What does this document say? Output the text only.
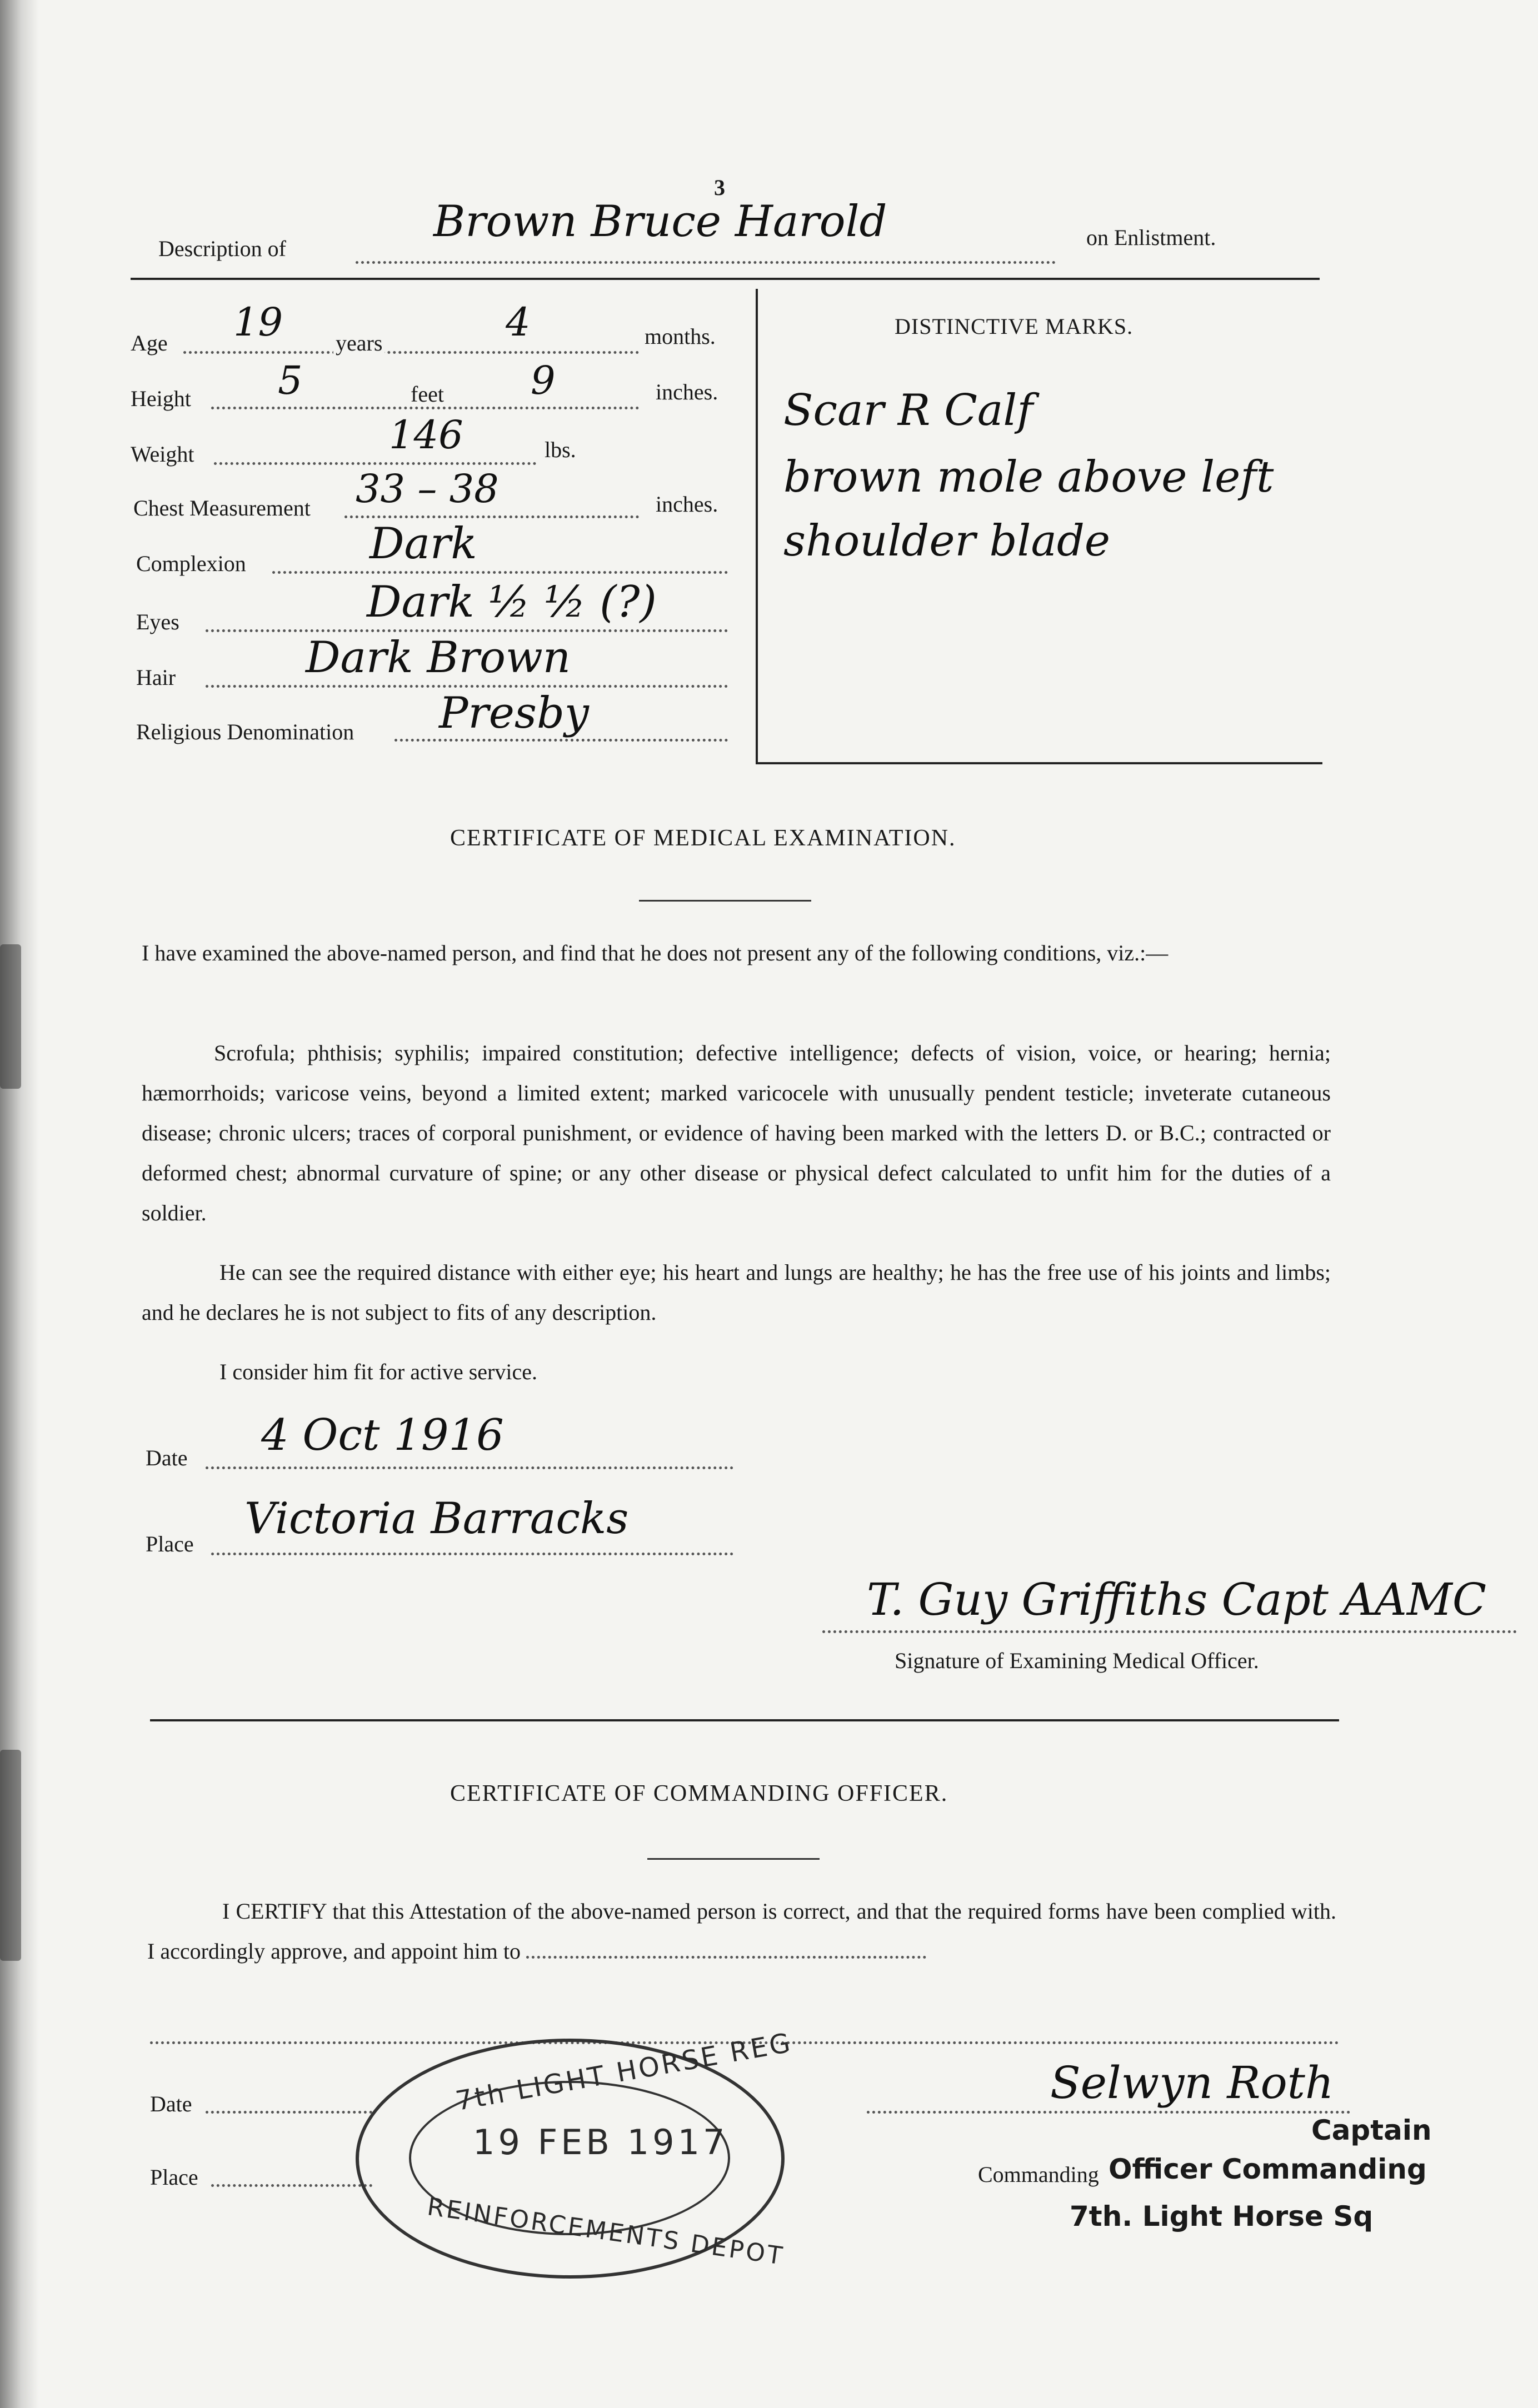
3
Description of
Brown Bruce Harold	on Enlistment.
Age 19 years	4	months.
Height 5	feet 9	inches.
Weight	146	lbs.
Chest Measurement 33 – 38	inches.
Complexion	Dark
Eyes	Dark ½ ½ (?)
Hair	Dark Brown
Religious Denomination Presby
DISTINCTIVE MARKS.
Scar R Calf
brown mole above left
shoulder blade
CERTIFICATE OF MEDICAL EXAMINATION.

I have examined the above-named person, and find that he does not present any of the following conditions, viz.:—

Scrofula; phthisis; syphilis; impaired constitution; defective intelligence; defects of vision, voice, or hearing; hernia; hæmorrhoids; varicose veins, beyond a limited extent; marked varicocele with unusually pendent testicle; inveterate cutaneous disease; chronic ulcers; traces of corporal punishment, or evidence of having been marked with the letters D. or B.C.; contracted or deformed chest; abnormal curvature of spine; or any other disease or physical defect calculated to unfit him for the duties of a soldier.

He can see the required distance with either eye; his heart and lungs are healthy; he has the free use of his joints and limbs; and he declares he is not subject to fits of any description.

I consider him fit for active service.
Date 4 Oct 1916
Place
Victoria Barracks
T. Guy Griffiths Capt AAMC
Signature of Examining Medical Officer.
CERTIFICATE OF COMMANDING OFFICER.

I CERTIFY that this Attestation of the above-named person is correct, and that the required forms have been complied with. I accordingly approve, and appoint him to

Date
Place
7th LIGHT HORSE REG
19 FEB 1917
REINFORCEMENTS DEPOT
Selwyn Roth
Captain
Commanding Officer Commanding
7th. Light Horse Sq
